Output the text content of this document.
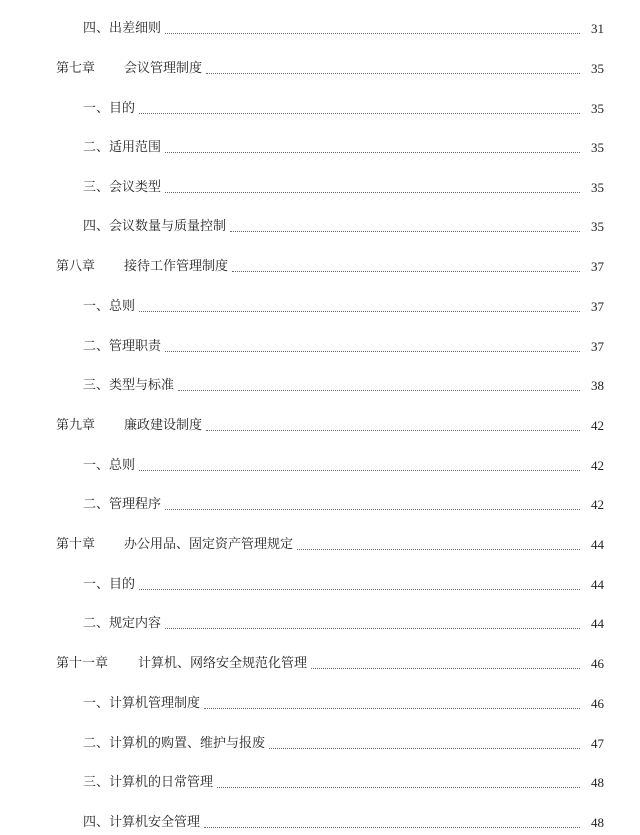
四、出差细则	31
第七章	会议管理制度	35
一、目的	35
二、适用范围	35
三、会议类型	35
四、会议数量与质量控制	35
第八章	接待工作管理制度	37
一、总则	37
二、管理职责	37
三、类型与标准	38
第九章	廉政建设制度	42
一、总则	42
二、管理程序	42
第十章	办公用品、固定资产管理规定	44
一、目的	44
二、规定内容	44
第十一章	计算机、网络安全规范化管理	46
一、计算机管理制度	46
二、计算机的购置、维护与报废	47
三、计算机的日常管理	48
四、计算机安全管理	48
